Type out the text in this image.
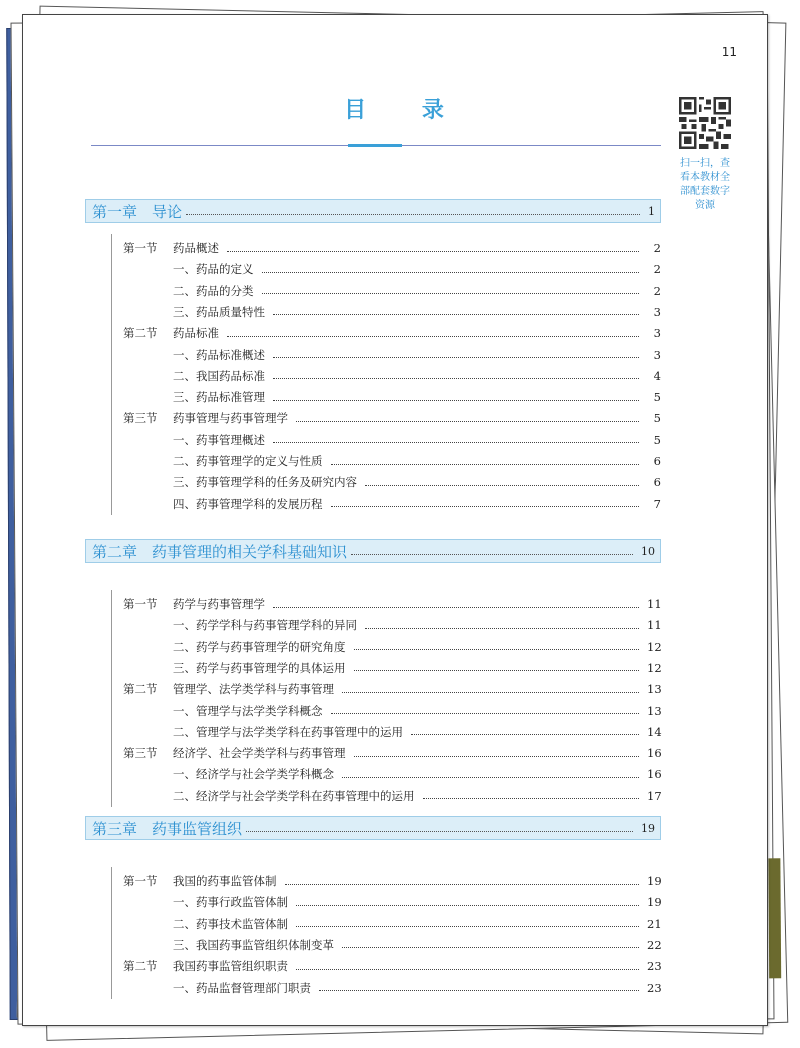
11
目 录
扫一扫，查
看本教材全
部配套数字
资源
第一章　导论	1
第一节	药品概述	2
一、药品的定义	2
二、药品的分类	2
三、药品质量特性	3
第二节	药品标准	3
一、药品标准概述	3
二、我国药品标准	4
三、药品标准管理	5
第三节	药事管理与药事管理学	5
一、药事管理概述	5
二、药事管理学的定义与性质	6
三、药事管理学科的任务及研究内容	6
四、药事管理学科的发展历程	7
第二章　药事管理的相关学科基础知识	10
第一节	药学与药事管理学	11
一、药学学科与药事管理学科的异同	11
二、药学与药事管理学的研究角度	12
三、药学与药事管理学的具体运用	12
第二节	管理学、法学类学科与药事管理	13
一、管理学与法学类学科概念	13
二、管理学与法学类学科在药事管理中的运用	14
第三节	经济学、社会学类学科与药事管理	16
一、经济学与社会学类学科概念	16
二、经济学与社会学类学科在药事管理中的运用	17
第三章　药事监管组织	19
第一节	我国的药事监管体制	19
一、药事行政监管体制	19
二、药事技术监管体制	21
三、我国药事监管组织体制变革	22
第二节	我国药事监管组织职责	23
一、药品监督管理部门职责	23
